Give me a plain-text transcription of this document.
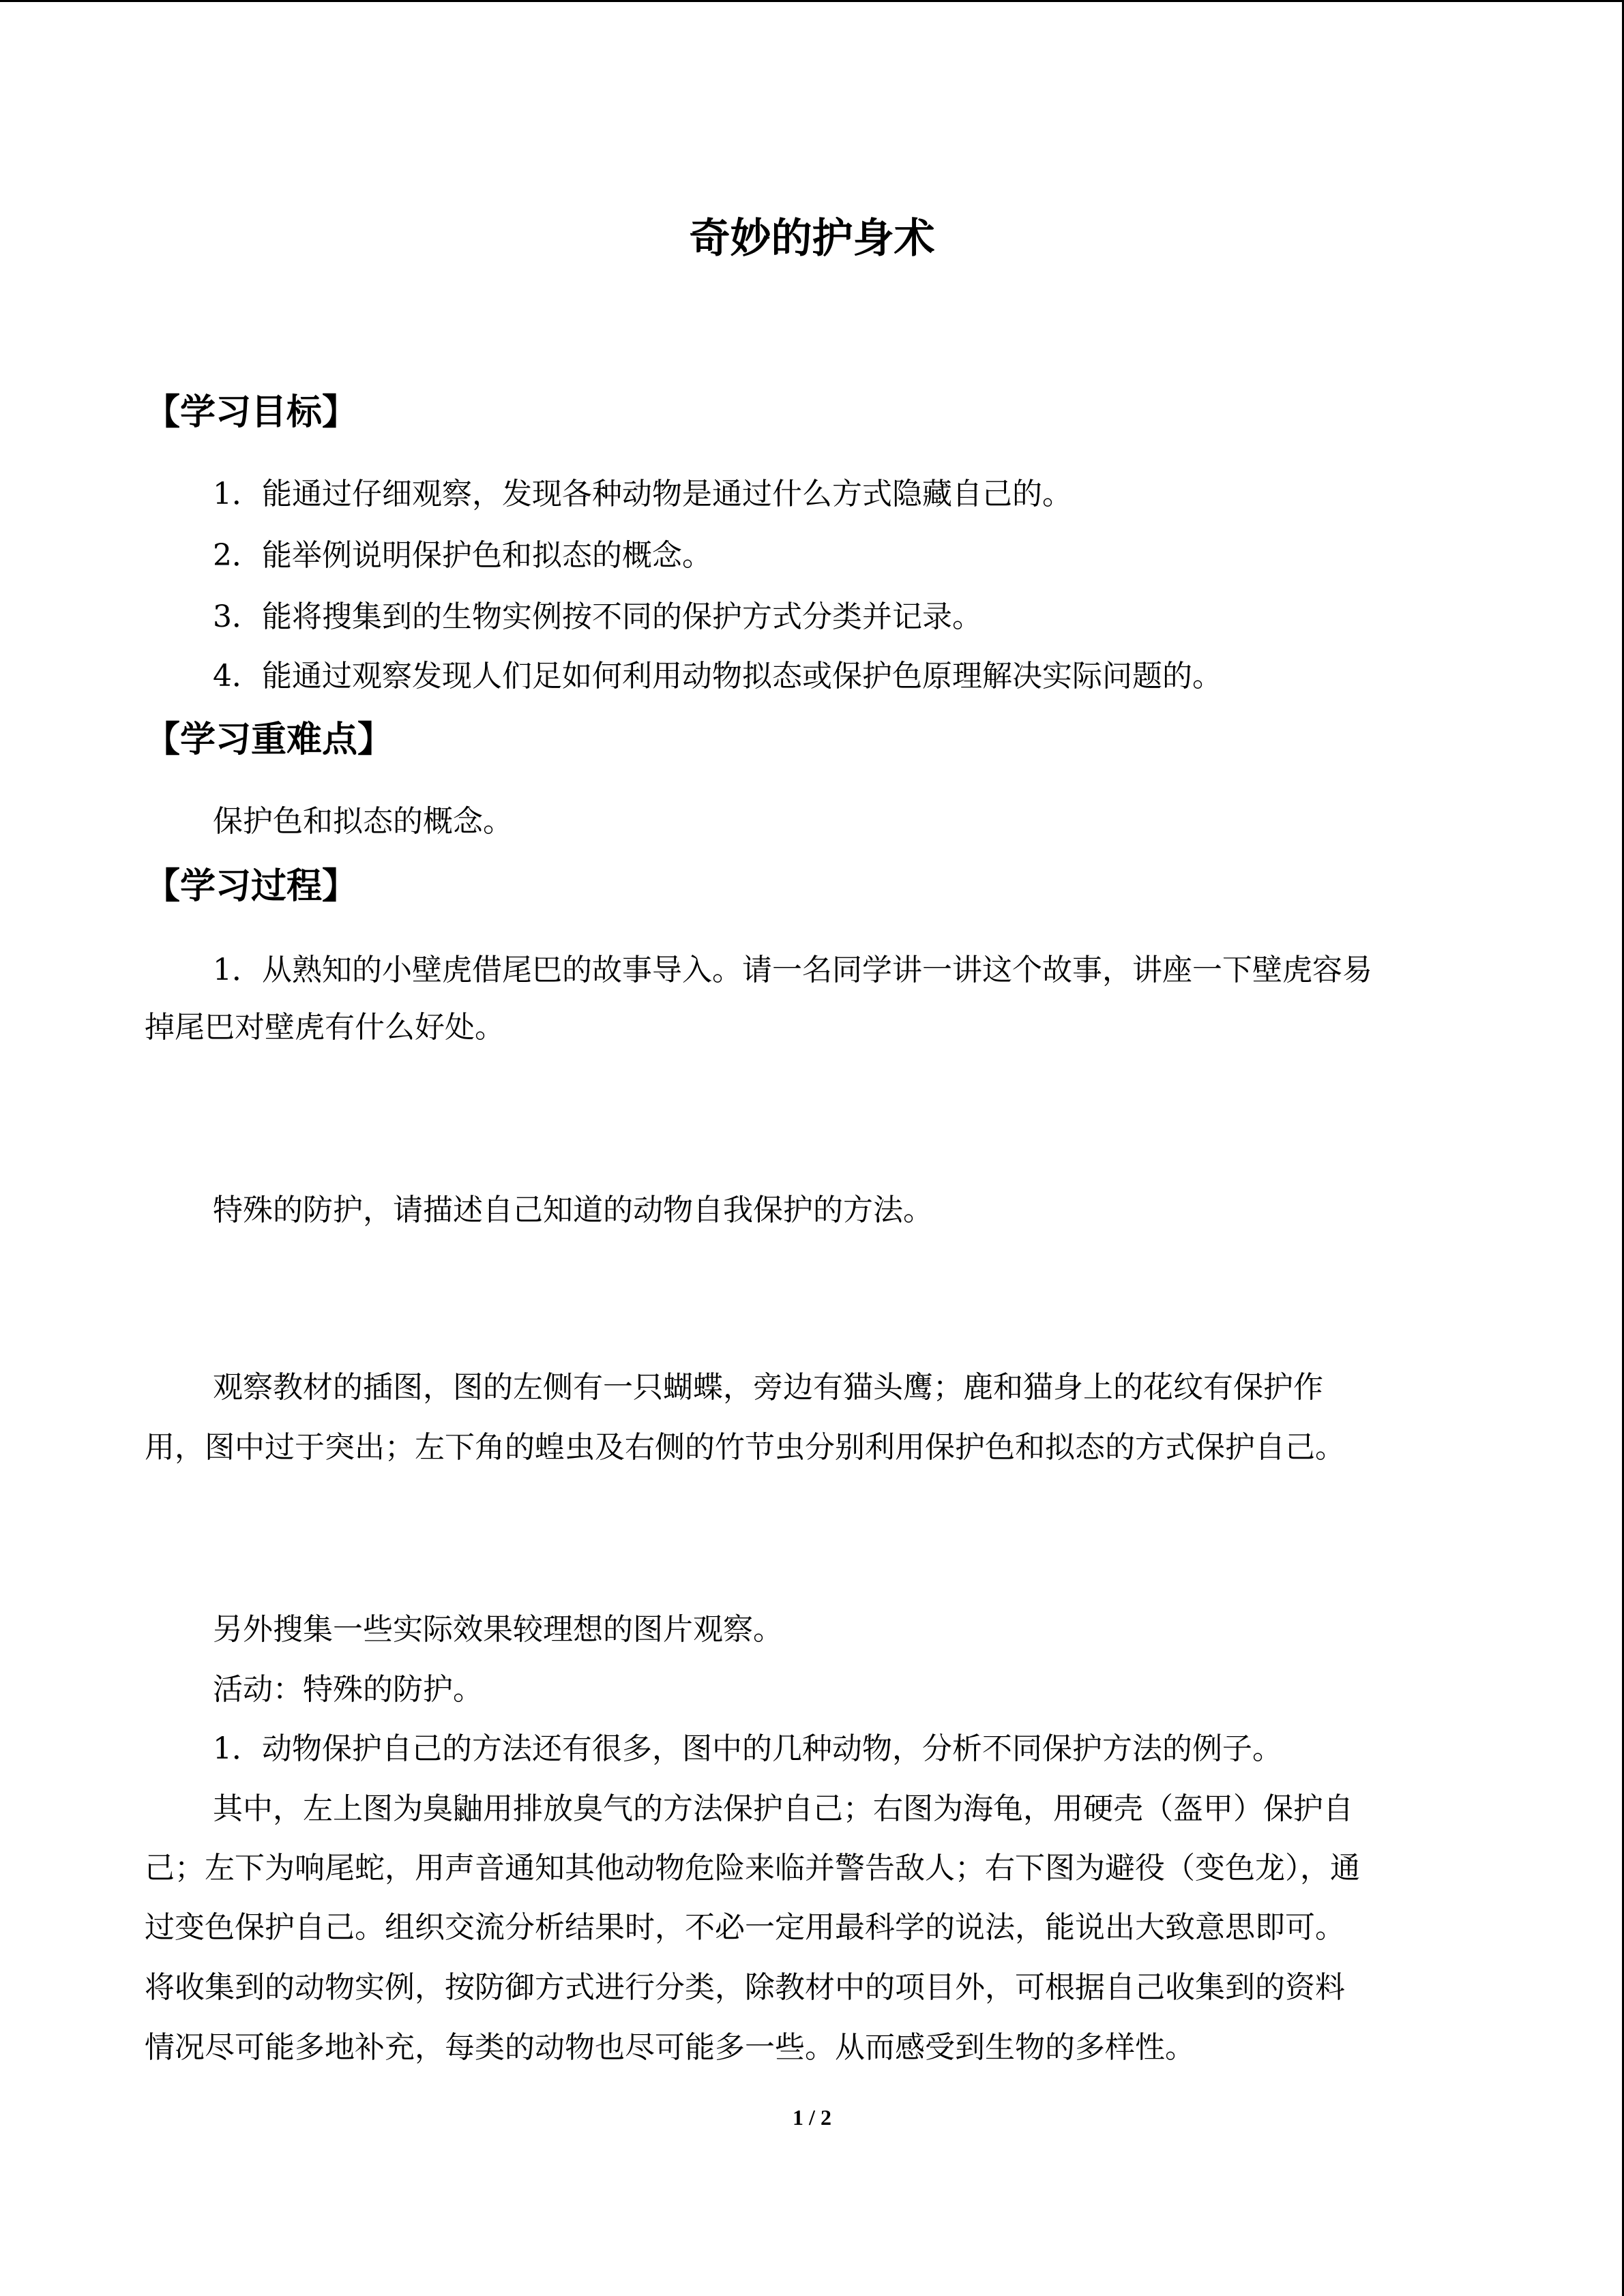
奇妙的护身术
【学习目标】

1．能通过仔细观察，发现各种动物是通过什么方式隐藏自己的。

2．能举例说明保护色和拟态的概念。

3．能将搜集到的生物实例按不同的保护方式分类并记录。

4．能通过观察发现人们足如何利用动物拟态或保护色原理解决实际问题的。

【学习重难点】

保护色和拟态的概念。

【学习过程】

1．从熟知的小壁虎借尾巴的故事导入。请一名同学讲一讲这个故事，讲座一下壁虎容易

掉尾巴对壁虎有什么好处。

特殊的防护，请描述自己知道的动物自我保护的方法。

观察教材的插图，图的左侧有一只蝴蝶，旁边有猫头鹰；鹿和猫身上的花纹有保护作

用，图中过于突出；左下角的蝗虫及右侧的竹节虫分别利用保护色和拟态的方式保护自己。

另外搜集一些实际效果较理想的图片观察。

活动：特殊的防护。

1．动物保护自己的方法还有很多，图中的几种动物，分析不同保护方法的例子。

其中，左上图为臭鼬用排放臭气的方法保护自己；右图为海龟，用硬壳（盔甲）保护自

己；左下为响尾蛇，用声音通知其他动物危险来临并警告敌人；右下图为避役（变色龙），通

过变色保护自己。组织交流分析结果时，不必一定用最科学的说法，能说出大致意思即可。

将收集到的动物实例，按防御方式进行分类，除教材中的项目外，可根据自己收集到的资料

情况尽可能多地补充，每类的动物也尽可能多一些。从而感受到生物的多样性。

1 / 2
